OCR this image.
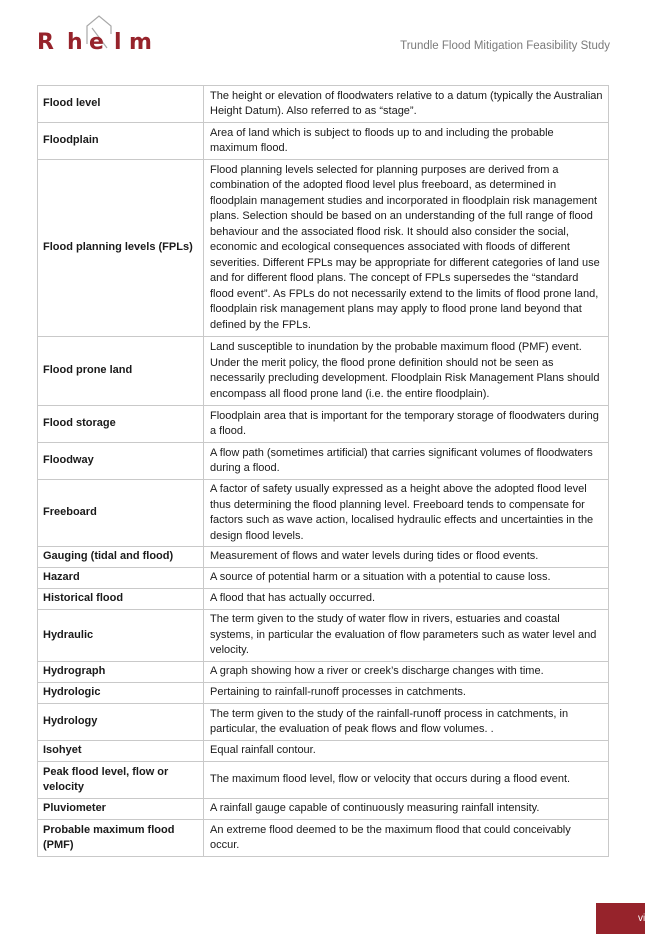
R h e l m	Trundle Flood Mitigation Feasibility Study
Flood level	The height or elevation of floodwaters relative to a datum (typically the Australian Height Datum). Also referred to as “stage”.
Floodplain	Area of land which is subject to floods up to and including the probable maximum flood.
Flood planning levels (FPLs)	Flood planning levels selected for planning purposes are derived from a combination of the adopted flood level plus freeboard, as determined in floodplain management studies and incorporated in floodplain risk management plans. Selection should be based on an understanding of the full range of flood behaviour and the associated flood risk. It should also consider the social, economic and ecological consequences associated with floods of different severities. Different FPLs may be appropriate for different categories of land use and for different flood plans. The concept of FPLs supersedes the “standard flood event”. As FPLs do not necessarily extend to the limits of flood prone land, floodplain risk management plans may apply to flood prone land beyond that defined by the FPLs.
Flood prone land	Land susceptible to inundation by the probable maximum flood (PMF) event. Under the merit policy, the flood prone definition should not be seen as necessarily precluding development. Floodplain Risk Management Plans should encompass all flood prone land (i.e. the entire floodplain).
Flood storage	Floodplain area that is important for the temporary storage of floodwaters during a flood.
Floodway	A flow path (sometimes artificial) that carries significant volumes of floodwaters during a flood.
Freeboard	A factor of safety usually expressed as a height above the adopted flood level thus determining the flood planning level. Freeboard tends to compensate for factors such as wave action, localised hydraulic effects and uncertainties in the design flood levels.
Gauging (tidal and flood)	Measurement of flows and water levels during tides or flood events.
Hazard	A source of potential harm or a situation with a potential to cause loss.
Historical flood	A flood that has actually occurred.
Hydraulic	The term given to the study of water flow in rivers, estuaries and coastal systems, in particular the evaluation of flow parameters such as water level and velocity.
Hydrograph	A graph showing how a river or creek’s discharge changes with time.
Hydrologic	Pertaining to rainfall-runoff processes in catchments.
Hydrology	The term given to the study of the rainfall-runoff process in catchments, in particular, the evaluation of peak flows and flow volumes. .
Isohyet	Equal rainfall contour.
Peak flood level, flow or velocity	The maximum flood level, flow or velocity that occurs during a flood event.
Pluviometer	A rainfall gauge capable of continuously measuring rainfall intensity.
Probable maximum flood (PMF)	An extreme flood deemed to be the maximum flood that could conceivably occur.
vi
